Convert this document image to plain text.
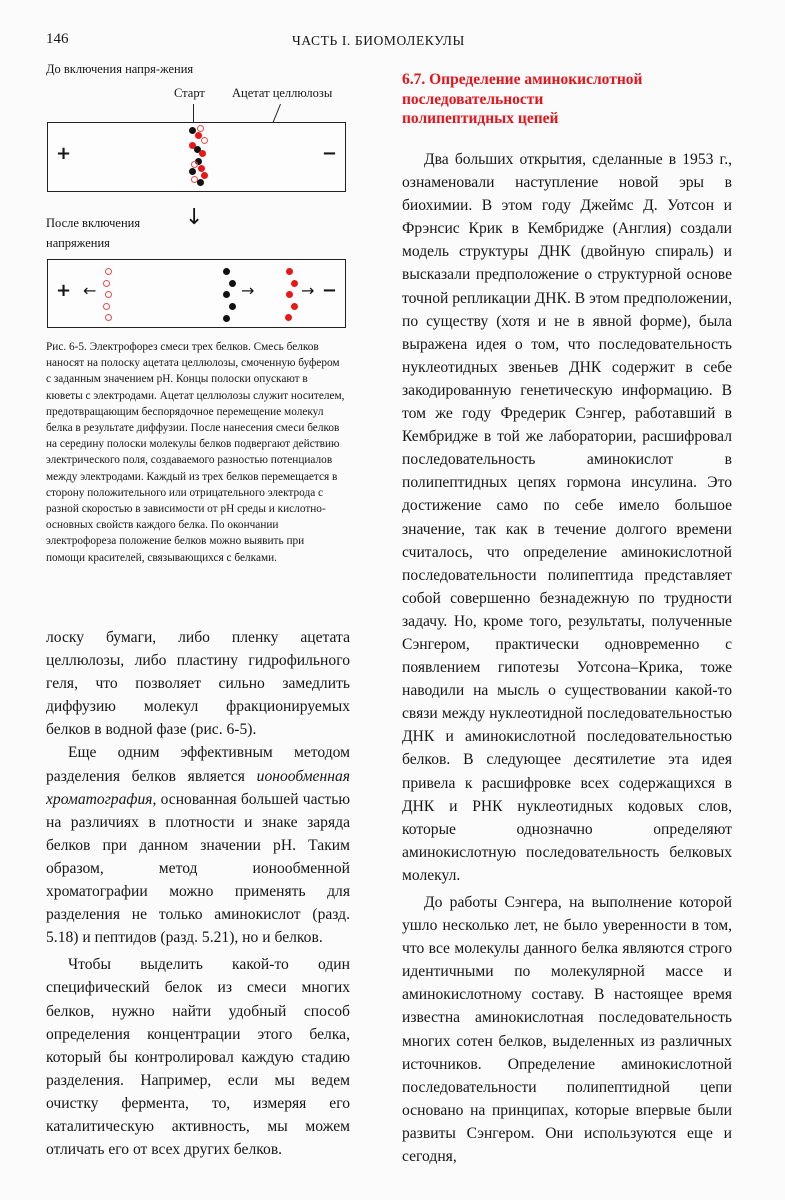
146	ЧАСТЬ I. БИОМОЛЕКУЛЫ
До включения напря-жения
Старт Ацетат целлюлозы
+	−
После включения напряжения
↓
+ ←	→	→ −
Рис. 6-5. Электрофорез смеси трех белков. Смесь белков наносят на полоску ацетата целлюлозы, смоченную буфером с заданным значением рН. Концы полоски опускают в кюветы с электродами. Ацетат целлюлозы служит носителем, предотвращающим беспорядочное перемещение молекул белка в результате диффузии. После нанесения смеси белков на середину полоски молекулы белков подвергают действию электрического поля, создаваемого разностью потенциалов между электродами. Каждый из трех белков перемещается в сторону положительного или отрицательного электрода с разной скоростью в зависимости от рН среды и кислотно-основных свойств каждого белка. По окончании электрофореза положение белков можно выявить при помощи красителей, связывающихся с белками.

лоску бумаги, либо пленку ацетата целлюлозы, либо пластину гидрофильного геля, что позволяет сильно замедлить диффузию молекул фракционируемых белков в водной фазе (рис. 6-5).

Еще одним эффективным методом разделения белков является ионообменная хроматография, основанная большей частью на различиях в плотности и знаке заряда белков при данном значении рН. Таким образом, метод ионообменной хроматографии можно применять для разделения не только аминокислот (разд. 5.18) и пептидов (разд. 5.21), но и белков.

Чтобы выделить какой-то один специфический белок из смеси многих белков, нужно найти удобный способ определения концентрации этого белка, который бы контролировал каждую стадию разделения. Например, если мы ведем очистку фермента, то, измеряя его каталитическую активность, мы можем отличать его от всех других белков.

6.7. Определение аминокислотной
последовательности
полипептидных цепей

Два больших открытия, сделанные в 1953 г., ознаменовали наступление новой эры в биохимии. В этом году Джеймс Д. Уотсон и Фрэнсис Крик в Кембридже (Англия) создали модель структуры ДНК (двойную спираль) и высказали предположение о структурной основе точной репликации ДНК. В этом предположении, по существу (хотя и не в явной форме), была выражена идея о том, что последовательность нуклеотидных звеньев ДНК содержит в себе закодированную генетическую информацию. В том же году Фредерик Сэнгер, работавший в Кембридже в той же лаборатории, расшифровал последовательность аминокислот в полипептидных цепях гормона инсулина. Это достижение само по себе имело большое значение, так как в течение долгого времени считалось, что определение аминокислотной последовательности полипептида представляет собой совершенно безнадежную по трудности задачу. Но, кроме того, результаты, полученные Сэнгером, практически одновременно с появлением гипотезы Уотсона–Крика, тоже наводили на мысль о существовании какой-то связи между нуклеотидной последовательностью ДНК и аминокислотной последовательностью белков. В следующее десятилетие эта идея привела к расшифровке всех содержащихся в ДНК и РНК нуклеотидных кодовых слов, которые однозначно определяют аминокислотную последовательность белковых молекул.

До работы Сэнгера, на выполнение которой ушло несколько лет, не было уверенности в том, что все молекулы данного белка являются строго идентичными по молекулярной массе и аминокислотному составу. В настоящее время известна аминокислотная последовательность многих сотен белков, выделенных из различных источников. Определение аминокислотной последовательности полипептидной цепи основано на принципах, которые впервые были развиты Сэнгером. Они используются еще и сегодня,
